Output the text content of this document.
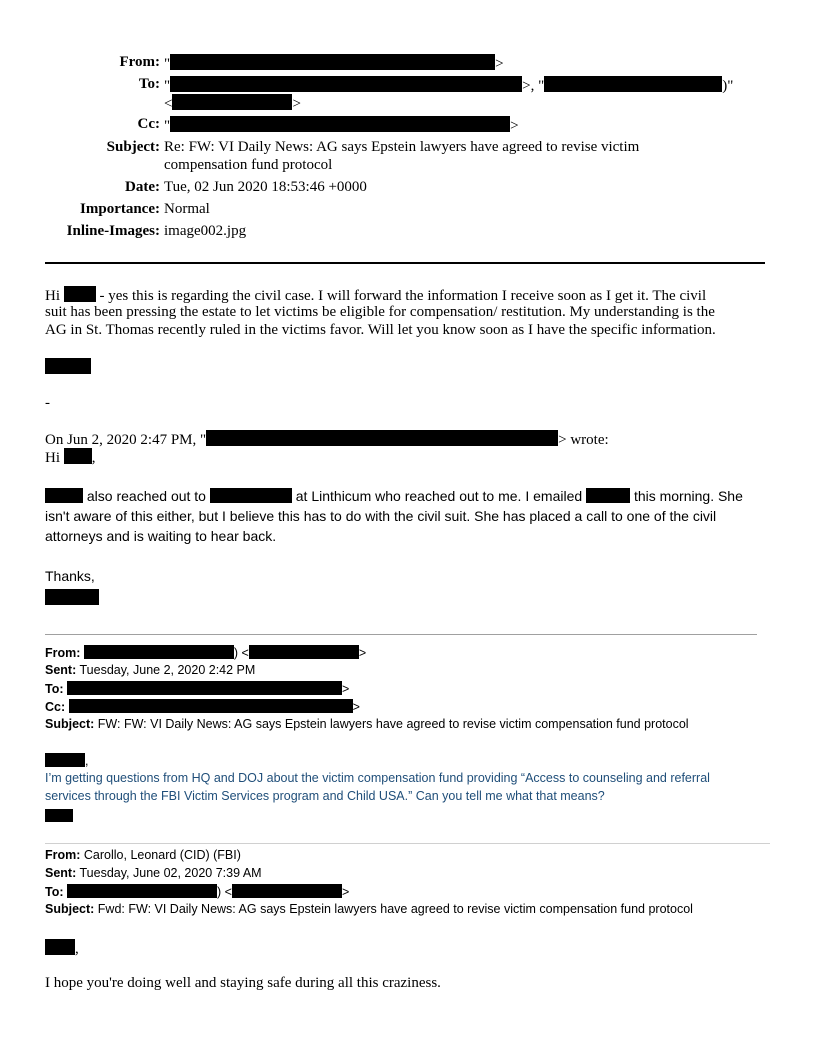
From: "	>
To: "	>, "	)"
<	>
Cc: "	>
Subject: Re: FW: VI Daily News: AG says Epstein lawyers have agreed to revise victim
compensation fund protocol
Date: Tue, 02 Jun 2020 18:53:46 +0000
Importance: Normal
Inline-Images: image002.jpg
Hi	- yes this is regarding the civil case. I will forward the information I receive soon as I get it. The civil
suit has been pressing the estate to let victims be eligible for compensation/ restitution. My understanding is the
AG in St. Thomas recently ruled in the victims favor. Will let you know soon as I have the specific information.
-
On Jun 2, 2020 2:47 PM, "	> wrote:
Hi ,
also reached out to	at Linthicum who reached out to me. I emailed	this morning. She
isn't aware of this either, but I believe this has to do with the civil suit. She has placed a call to one of the civil
attorneys and is waiting to hear back.
Thanks,
From:	) <	>
Sent: Tuesday, June 2, 2020 2:42 PM
To:	>
Cc:	>
Subject: FW: FW: VI Daily News: AG says Epstein lawyers have agreed to revise victim compensation fund protocol
,
I’m getting questions from HQ and DOJ about the victim compensation fund providing “Access to counseling and referral
services through the FBI Victim Services program and Child USA.” Can you tell me what that means?
From: Carollo, Leonard (CID) (FBI)
Sent: Tuesday, June 02, 2020 7:39 AM
To:	) <	>
Subject: Fwd: FW: VI Daily News: AG says Epstein lawyers have agreed to revise victim compensation fund protocol
,
I hope you're doing well and staying safe during all this craziness.
